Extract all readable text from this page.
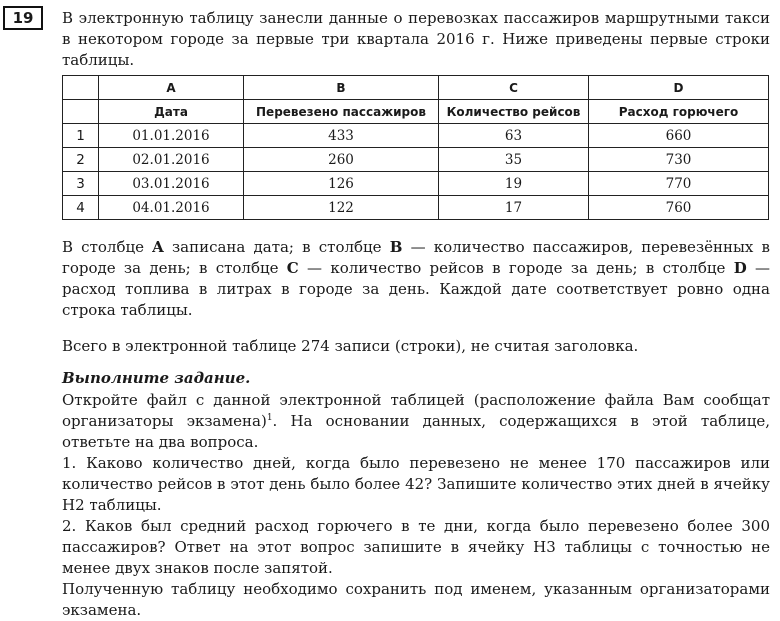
19	В электронную таблицу занесли данные о перевозках пассажиров маршрутными такси в некотором городе за первые три квартала 2016 г. Ниже приведены первые строки таблицы.

	A	B	C	D
	Дата	Перевезено пассажиров	Количество рейсов	Расход горючего
1	01.01.2016	433	63	660
2	02.01.2016	260	35	730
3	03.01.2016	126	19	770
4	04.01.2016	122	17	760

В столбце A записана дата; в столбце B — количество пассажиров, перевезённых в городе за день; в столбце C — количество рейсов в городе за день; в столбце D — расход топлива в литрах в городе за день. Каждой дате соответствует ровно одна строка таблицы.

Всего в электронной таблице 274 записи (строки), не считая заголовка.

Выполните задание.

Откройте файл с данной электронной таблицей (расположение файла Вам сообщат организаторы экзамена)$^1$. На основании данных, содержащихся в этой таблице, ответьте на два вопроса.
1. Каково количество дней, когда было перевезено не менее 170 пассажиров или количество рейсов в этот день было более 42? Запишите количество этих дней в ячейку H2 таблицы.
2. Каков был средний расход горючего в те дни, когда было перевезено более 300 пассажиров? Ответ на этот вопрос запишите в ячейку H3 таблицы с точностью не менее двух знаков после запятой.
Полученную таблицу необходимо сохранить под именем, указанным организаторами экзамена.
